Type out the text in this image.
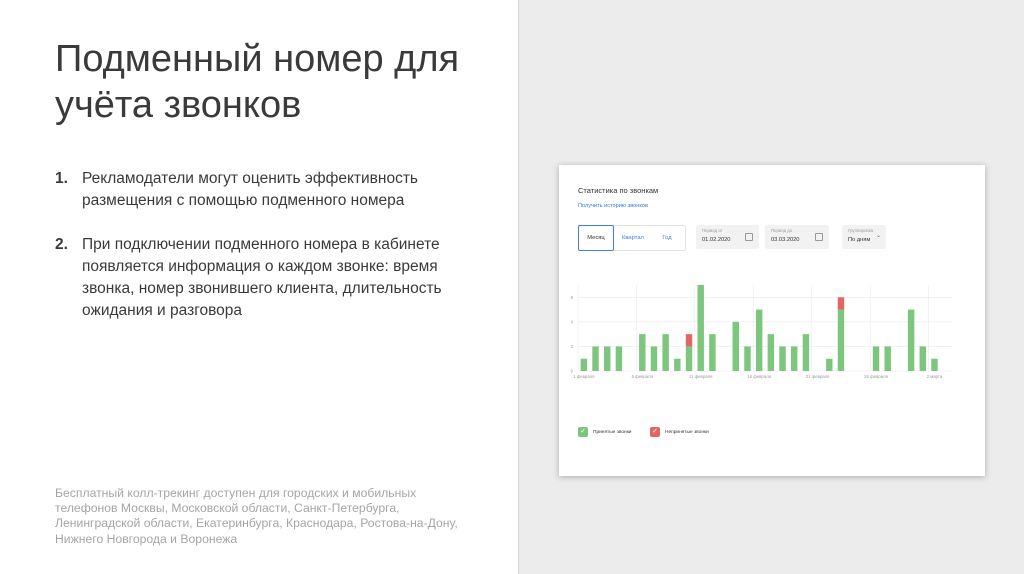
Подменный номер для учёта звонков
1. Рекламодатели могут оценить эффективность размещения с помощью подменного номера
2. При подключении подменного номера в кабинете появляется информация о каждом звонке: время звонка, номер звонившего клиента, длительность ожидания и разговора

Бесплатный колл-трекинг доступен для городских и мобильных телефонов Москвы, Московской области, Санкт-Петербурга, Ленинградской области, Екатеринбурга, Краснодара, Ростова-на-Дону, Нижнего Новгорода и Воронежа

Статистика по звонкам
Получить историю звонков
Месяц	Квартал	Год
Период от
01.02.2020
Период до
03.03.2020
Группировка
По дням
⌄
0
2
4
6
1 февраля	6 февраля	11 февраля	16 февраля	21 февраля	26 февраля	2 марта
✓	Принятые звонки	✓	Непринятые звонки
